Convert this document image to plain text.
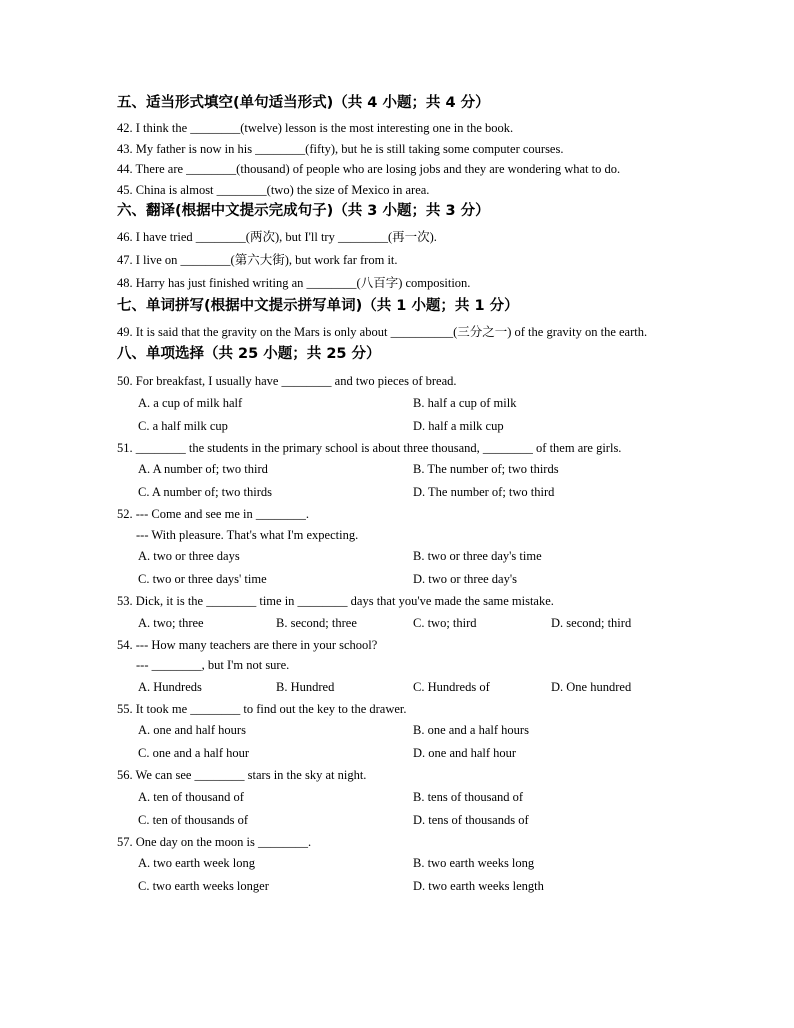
五、适当形式填空(单句适当形式)（共 4 小题；共 4 分）
42. I think the ________(twelve) lesson is the most interesting one in the book.
43. My father is now in his ________(fifty), but he is still taking some computer courses.
44. There are ________(thousand) of people who are losing jobs and they are wondering what to do.
45. China is almost ________(two) the size of Mexico in area.
六、翻译(根据中文提示完成句子)（共 3 小题；共 3 分）
46. I have tried ________(两次), but I'll try ________(再一次).
47. I live on ________(第六大街), but work far from it.
48. Harry has just finished writing an ________(八百字) composition.
七、单词拼写(根据中文提示拼写单词)（共 1 小题；共 1 分）
49. It is said that the gravity on the Mars is only about __________(三分之一) of the gravity on the earth.
八、单项选择（共 25 小题；共 25 分）
50. For breakfast, I usually have ________ and two pieces of bread.
A. a cup of milk half	B. half a cup of milk
C. a half milk cup	D. half a milk cup
51. ________ the students in the primary school is about three thousand, ________ of them are girls.
A. A number of; two third	B. The number of; two thirds
C. A number of; two thirds	D. The number of; two third
52. --- Come and see me in ________.
--- With pleasure. That's what I'm expecting.
A. two or three days	B. two or three day's time
C. two or three days' time	D. two or three day's
53. Dick, it is the ________ time in ________ days that you've made the same mistake.
A. two; three	B. second; three	C. two; third	D. second; third
54. --- How many teachers are there in your school?
--- ________, but I'm not sure.
A. Hundreds	B. Hundred	C. Hundreds of	D. One hundred
55. It took me ________ to find out the key to the drawer.
A. one and half hours	B. one and a half hours
C. one and a half hour	D. one and half hour
56. We can see ________ stars in the sky at night.
A. ten of thousand of	B. tens of thousand of
C. ten of thousands of	D. tens of thousands of
57. One day on the moon is ________.
A. two earth week long	B. two earth weeks long
C. two earth weeks longer	D. two earth weeks length
